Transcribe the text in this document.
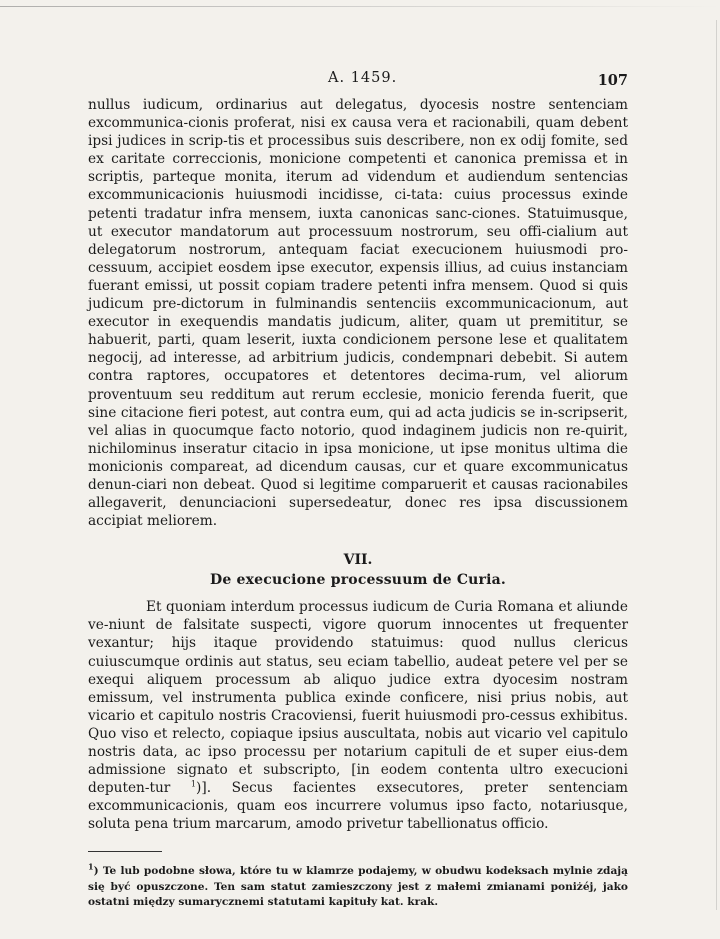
A. 1459.	107

nullus iudicum, ordinarius aut delegatus, dyocesis nostre sentenciam excommunica-cionis proferat, nisi ex causa vera et racionabili, quam debent ipsi judices in scrip-tis et processibus suis describere, non ex odij fomite, sed ex caritate correccionis, monicione competenti et canonica premissa et in scriptis, parteque monita, iterum ad videndum et audiendum sentencias excommunicacionis huiusmodi incidisse, ci-tata: cuius processus exinde petenti tradatur infra mensem, iuxta canonicas sanc-ciones. Statuimusque, ut executor mandatorum aut processuum nostrorum, seu offi-cialium aut delegatorum nostrorum, antequam faciat execucionem huiusmodi pro-cessuum, accipiet eosdem ipse executor, expensis illius, ad cuius instanciam fuerant emissi, ut possit copiam tradere petenti infra mensem. Quod si quis judicum pre-dictorum in fulminandis sentenciis excommunicacionum, aut executor in exequendis mandatis judicum, aliter, quam ut premititur, se habuerit, parti, quam leserit, iuxta condicionem persone lese et qualitatem negocij, ad interesse, ad arbitrium judicis, condempnari debebit. Si autem contra raptores, occupatores et detentores decima-rum, vel aliorum proventuum seu redditum aut rerum ecclesie, monicio ferenda fuerit, que sine citacione fieri potest, aut contra eum, qui ad acta judicis se in-scripserit, vel alias in quocumque facto notorio, quod indaginem judicis non re-quirit, nichilominus inseratur citacio in ipsa monicione, ut ipse monitus ultima die monicionis compareat, ad dicendum causas, cur et quare excommunicatus denun-ciari non debeat. Quod si legitime comparuerit et causas racionabiles allegaverit, denunciacioni supersedeatur, donec res ipsa discussionem accipiat meliorem.

VII.
De execucione processuum de Curia.

Et quoniam interdum processus iudicum de Curia Romana et aliunde ve-niunt de falsitate suspecti, vigore quorum innocentes ut frequenter vexantur; hijs itaque providendo statuimus: quod nullus clericus cuiuscumque ordinis aut status, seu eciam tabellio, audeat petere vel per se exequi aliquem processum ab aliquo judice extra dyocesim nostram emissum, vel instrumenta publica exinde conficere, nisi prius nobis, aut vicario et capitulo nostris Cracoviensi, fuerit huiusmodi pro-cessus exhibitus. Quo viso et relecto, copiaque ipsius auscultata, nobis aut vicario vel capitulo nostris data, ac ipso processu per notarium capituli de et super eius-dem admissione signato et subscripto, [in eodem contenta ultro execucioni deputen-tur	$^1$)]. Secus facientes exsecutores, preter sentenciam excommunicacionis, quam eos incurrere volumus ipso facto, notariusque, soluta pena trium marcarum, amodo privetur tabellionatus officio.

$^1$) Te lub podobne słowa, które tu w klamrze podajemy, w obudwu kodeksach mylnie zdają się być opuszczone. Ten sam statut zamieszczony jest z małemi zmianami poniżéj, jako ostatni między sumarycznemi statutami kapituły kat. krak.
